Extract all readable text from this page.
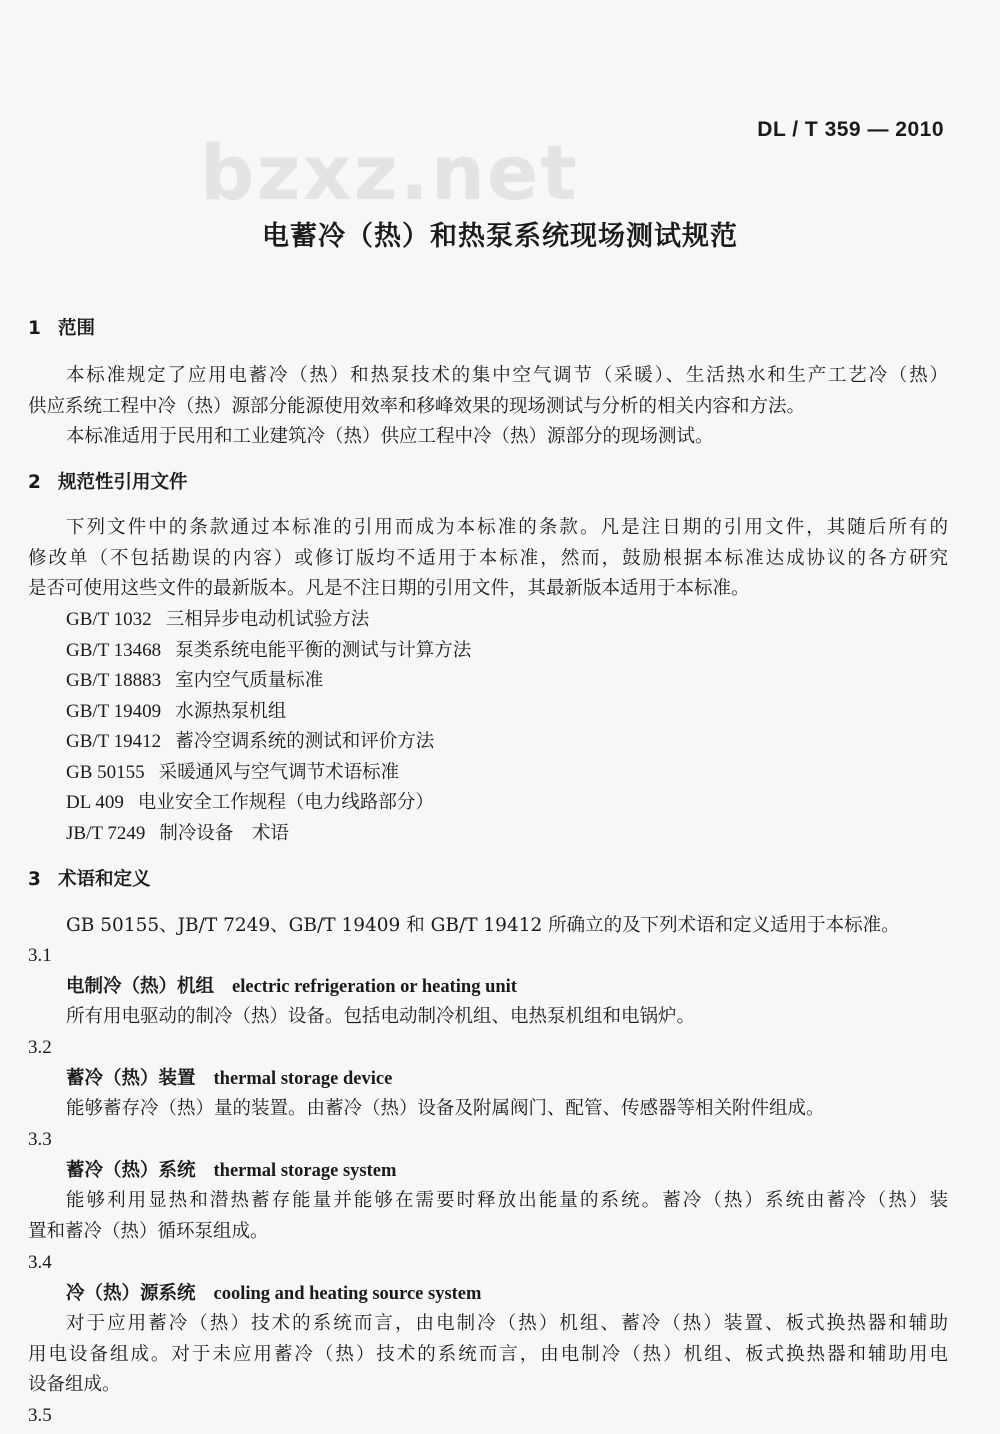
bzxz.net	DL / T 359 — 2010
电蓄冷（热）和热泵系统现场测试规范
1 范围
本标准规定了应用电蓄冷（热）和热泵技术的集中空气调节（采暖）、生活热水和生产工艺冷（热）
供应系统工程中冷（热）源部分能源使用效率和移峰效果的现场测试与分析的相关内容和方法。
本标准适用于民用和工业建筑冷（热）供应工程中冷（热）源部分的现场测试。
2 规范性引用文件
下列文件中的条款通过本标准的引用而成为本标准的条款。凡是注日期的引用文件，其随后所有的
修改单（不包括勘误的内容）或修订版均不适用于本标准，然而，鼓励根据本标准达成协议的各方研究
是否可使用这些文件的最新版本。凡是不注日期的引用文件，其最新版本适用于本标准。
GB/T 1032 三相异步电动机试验方法
GB/T 13468 泵类系统电能平衡的测试与计算方法
GB/T 18883 室内空气质量标准
GB/T 19409 水源热泵机组
GB/T 19412 蓄冷空调系统的测试和评价方法
GB 50155 采暖通风与空气调节术语标准
DL 409 电业安全工作规程（电力线路部分）
JB/T 7249 制冷设备　术语
3 术语和定义
GB 50155、JB/T 7249、GB/T 19409 和 GB/T 19412 所确立的及下列术语和定义适用于本标准。
3.1
电制冷（热）机组 electric refrigeration or heating unit
所有用电驱动的制冷（热）设备。包括电动制冷机组、电热泵机组和电锅炉。
3.2
蓄冷（热）装置 thermal storage device
能够蓄存冷（热）量的装置。由蓄冷（热）设备及附属阀门、配管、传感器等相关附件组成。
3.3
蓄冷（热）系统 thermal storage system
能够利用显热和潜热蓄存能量并能够在需要时释放出能量的系统。蓄冷（热）系统由蓄冷（热）装
置和蓄冷（热）循环泵组成。
3.4
冷（热）源系统 cooling and heating source system
对于应用蓄冷（热）技术的系统而言，由电制冷（热）机组、蓄冷（热）装置、板式换热器和辅助
用电设备组成。对于未应用蓄冷（热）技术的系统而言，由电制冷（热）机组、板式换热器和辅助用电
设备组成。
3.5
